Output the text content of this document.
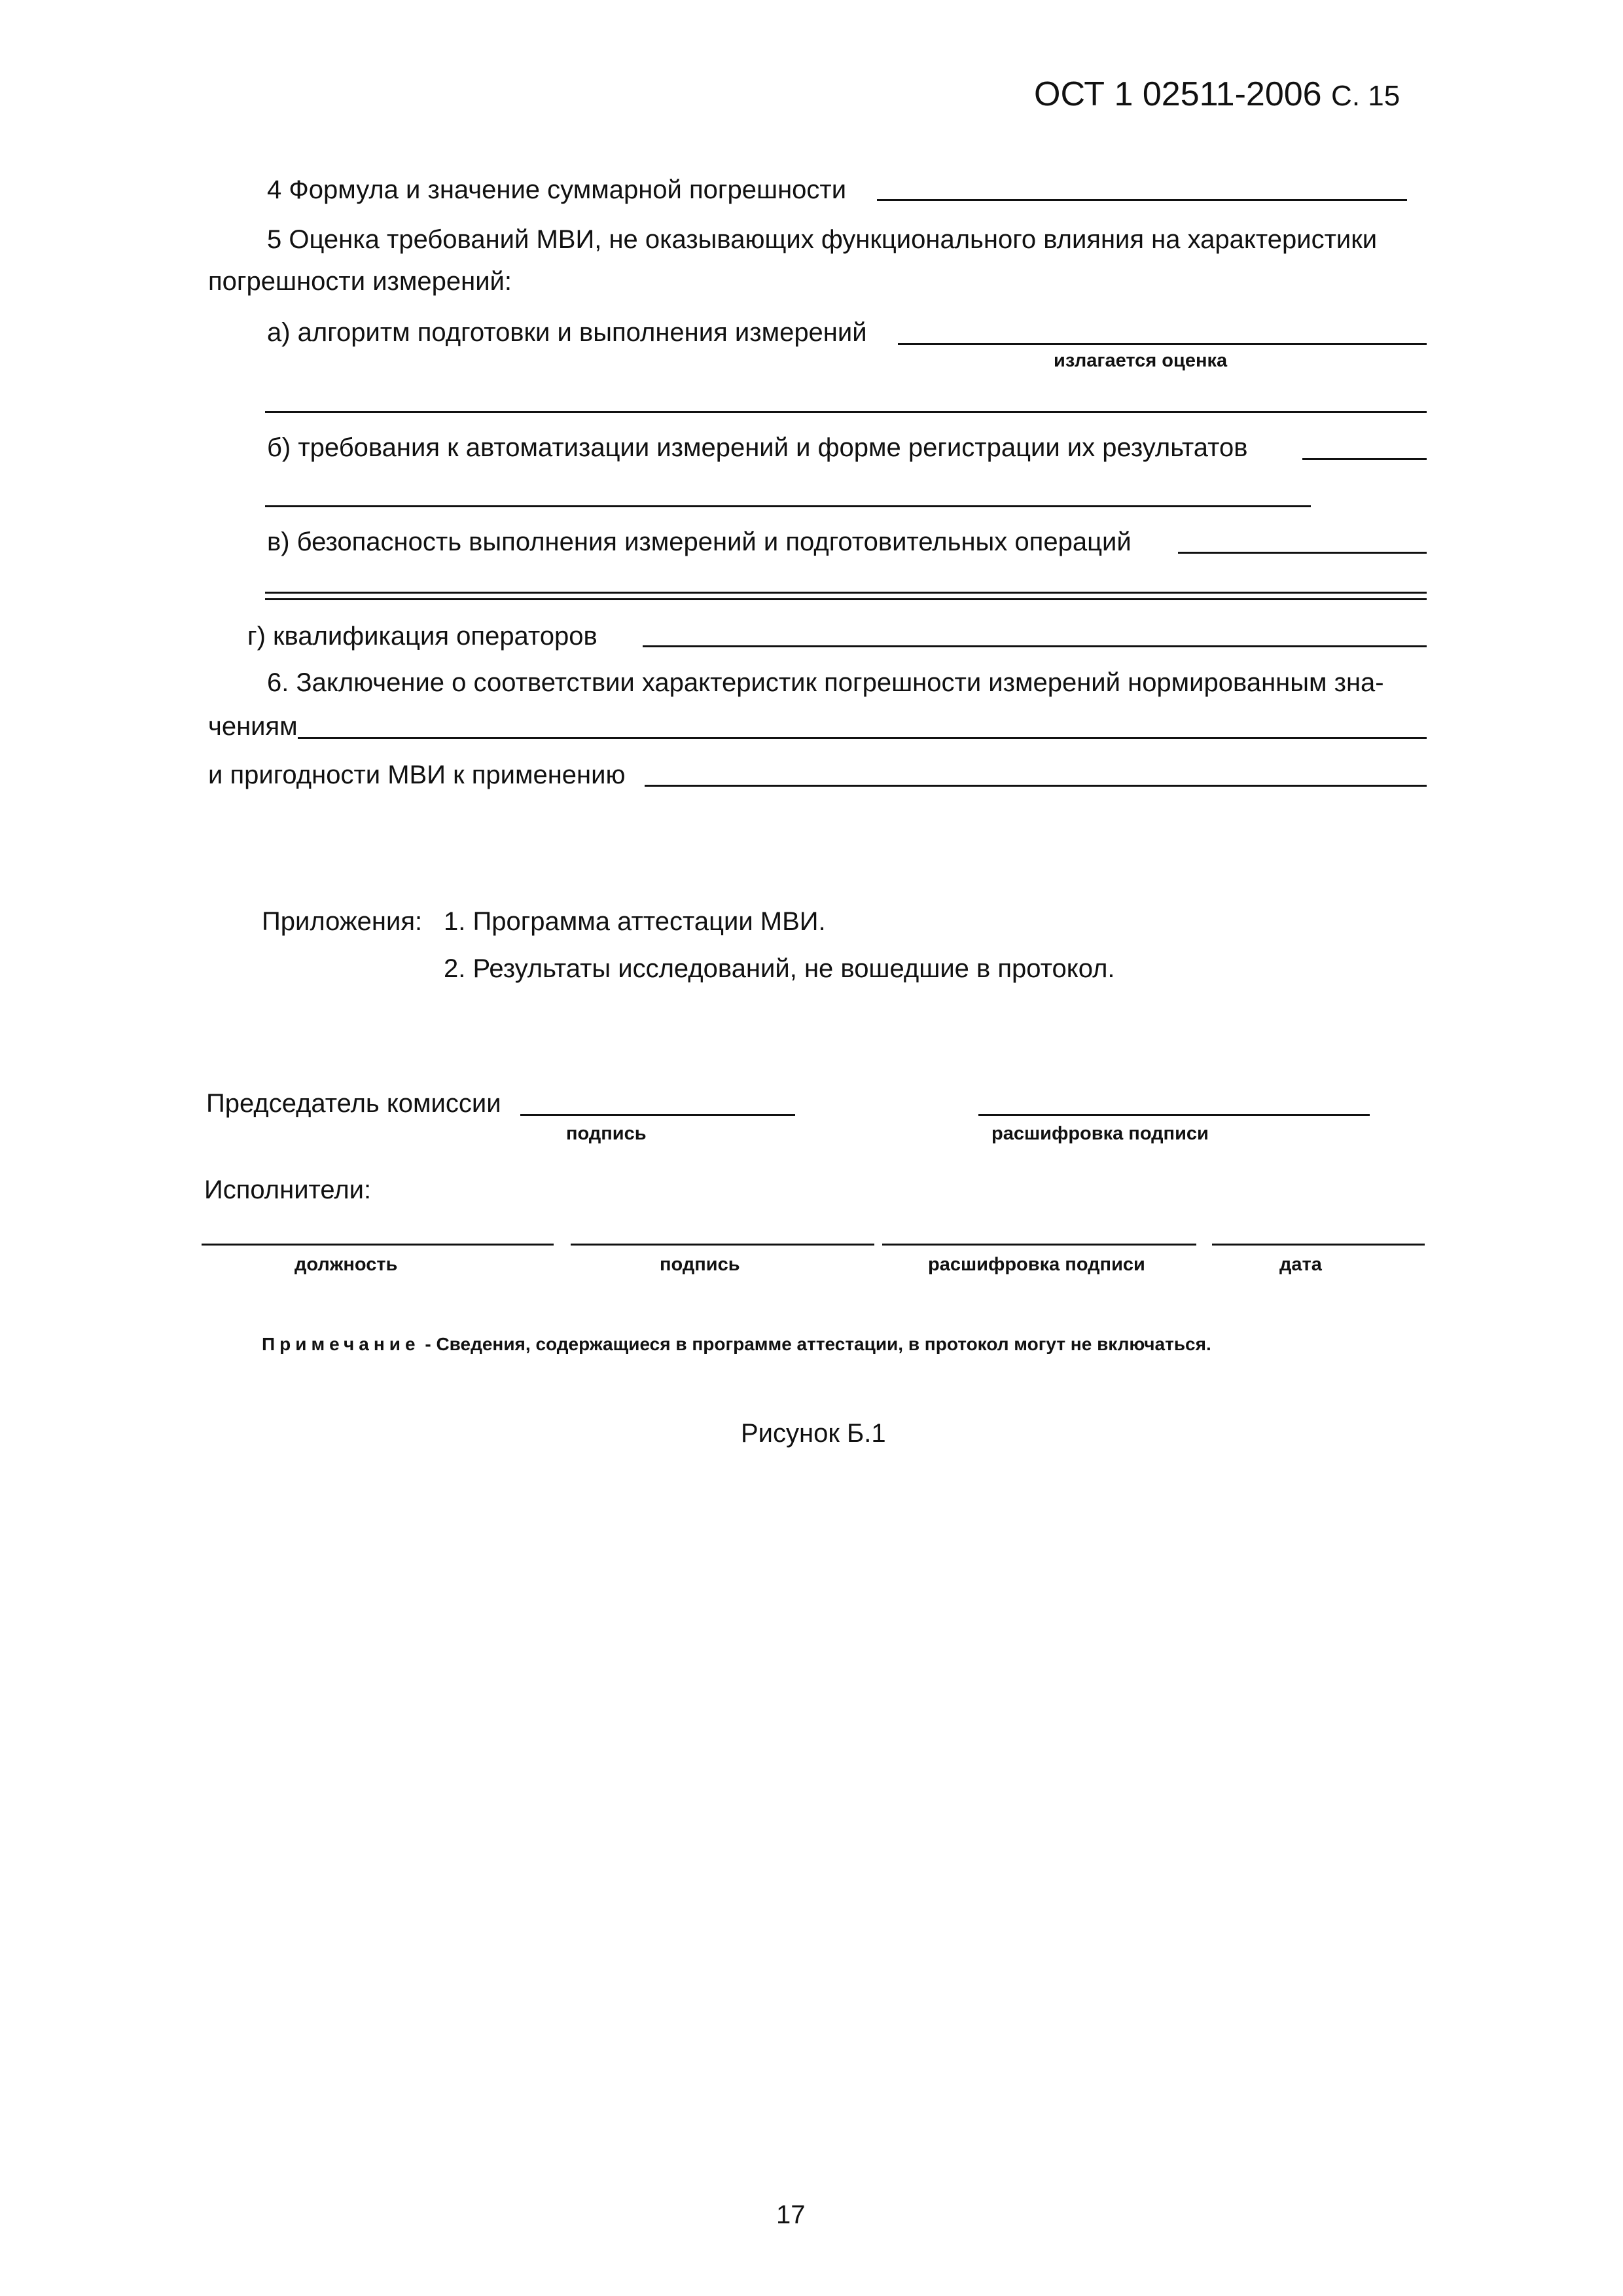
ОСТ 1 02511-2006 С. 15
4 Формула и значение суммарной погрешности
5 Оценка требований МВИ, не оказывающих функционального влияния на характеристики
погрешности измерений:
а) алгоритм подготовки и выполнения измерений
излагается оценка
б) требования к автоматизации измерений и форме регистрации их результатов
в) безопасность выполнения измерений и подготовительных операций
г) квалификация операторов
6. Заключение о соответствии характеристик погрешности измерений нормированным зна-
чениям
и пригодности МВИ к применению
Приложения: 1. Программа аттестации МВИ.
2. Результаты исследований, не вошедшие в протокол.
Председатель комиссии
подпись	расшифровка подписи
Исполнители:
должность	подпись	расшифровка подписи	дата
Примечание - Сведения, содержащиеся в программе аттестации, в протокол могут не включаться.
Рисунок Б.1
17
